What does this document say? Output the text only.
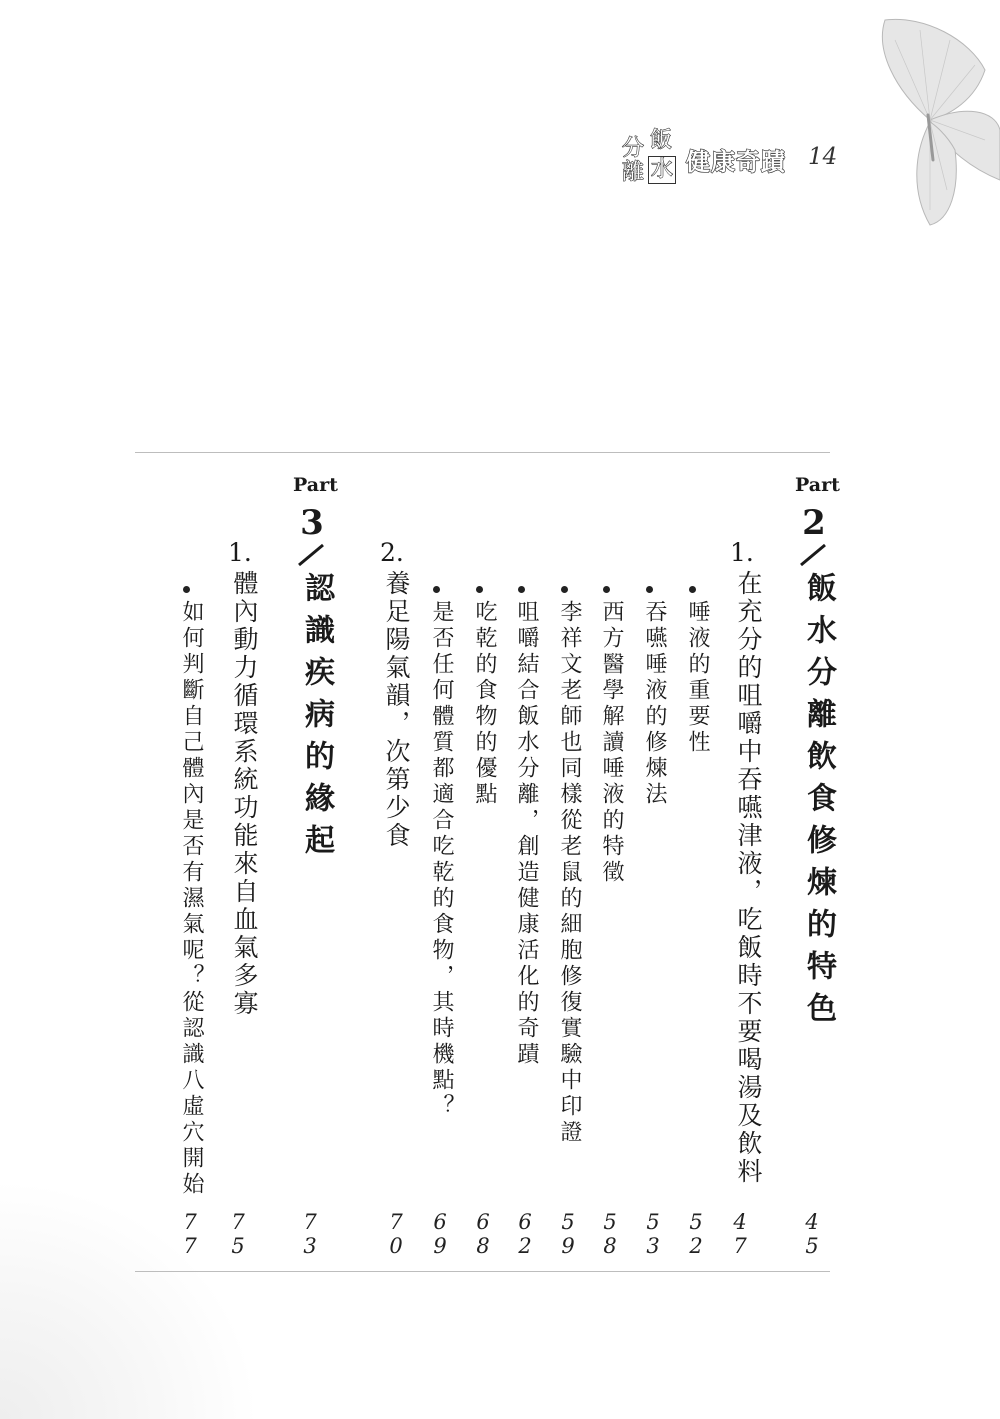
飯
水
分
離 健康奇蹟 14
Part
2
飯水分離飲食修煉的特色
1.
在充分的咀嚼中吞嚥津液，吃飯時不要喝湯及飲料
唾液的重要性
吞嚥唾液的修煉法
西方醫學解讀唾液的特徵
李祥文老師也同樣從老鼠的細胞修復實驗中印證
咀嚼結合飯水分離，創造健康活化的奇蹟
吃乾的食物的優點
是否任何體質都適合吃乾的食物，其時機點？
2.
養足陽氣韻，次第少食
Part
3
認識疾病的緣起
1.
體內動力循環系統功能來自血氣多寡
如何判斷自己體內是否有濕氣呢？從認識八虛穴開始
45
47
52
53
58
59
62
68
69
70
73
75
77
